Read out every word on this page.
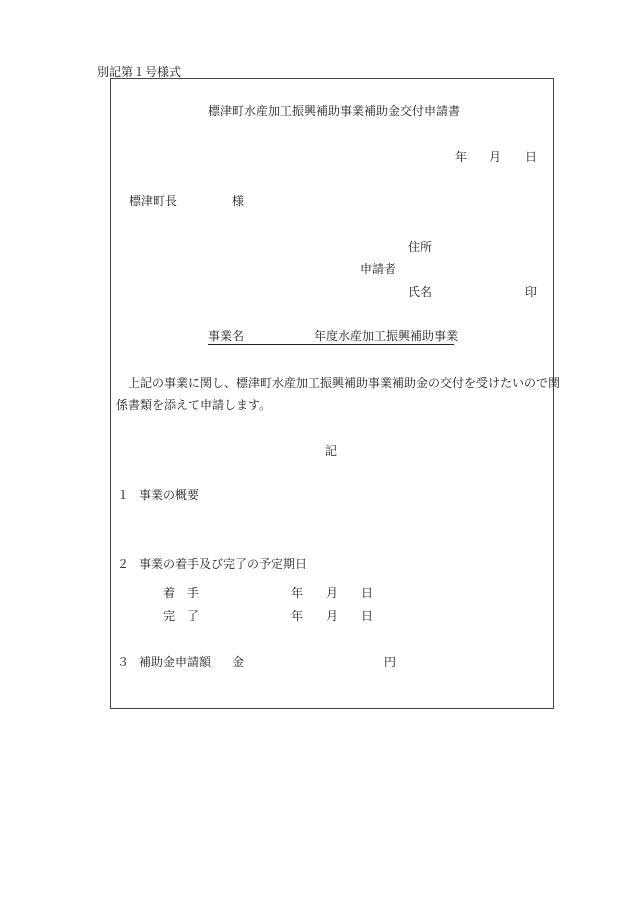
別記第１号様式
標津町水産加工振興補助事業補助金交付申請書
年 月 日
標津町長	様
住所
申請者
氏名	印
事業名	年度水産加工振興補助事業
上記の事業に関し、標津町水産加工振興補助事業補助金の交付を受けたいので関
係書類を添えて申請します。
記
１ 事業の概要
２ 事業の着手及び完了の予定期日
着　手	年 月 日
完　了	年 月 日
３ 補助金申請額 金	円
